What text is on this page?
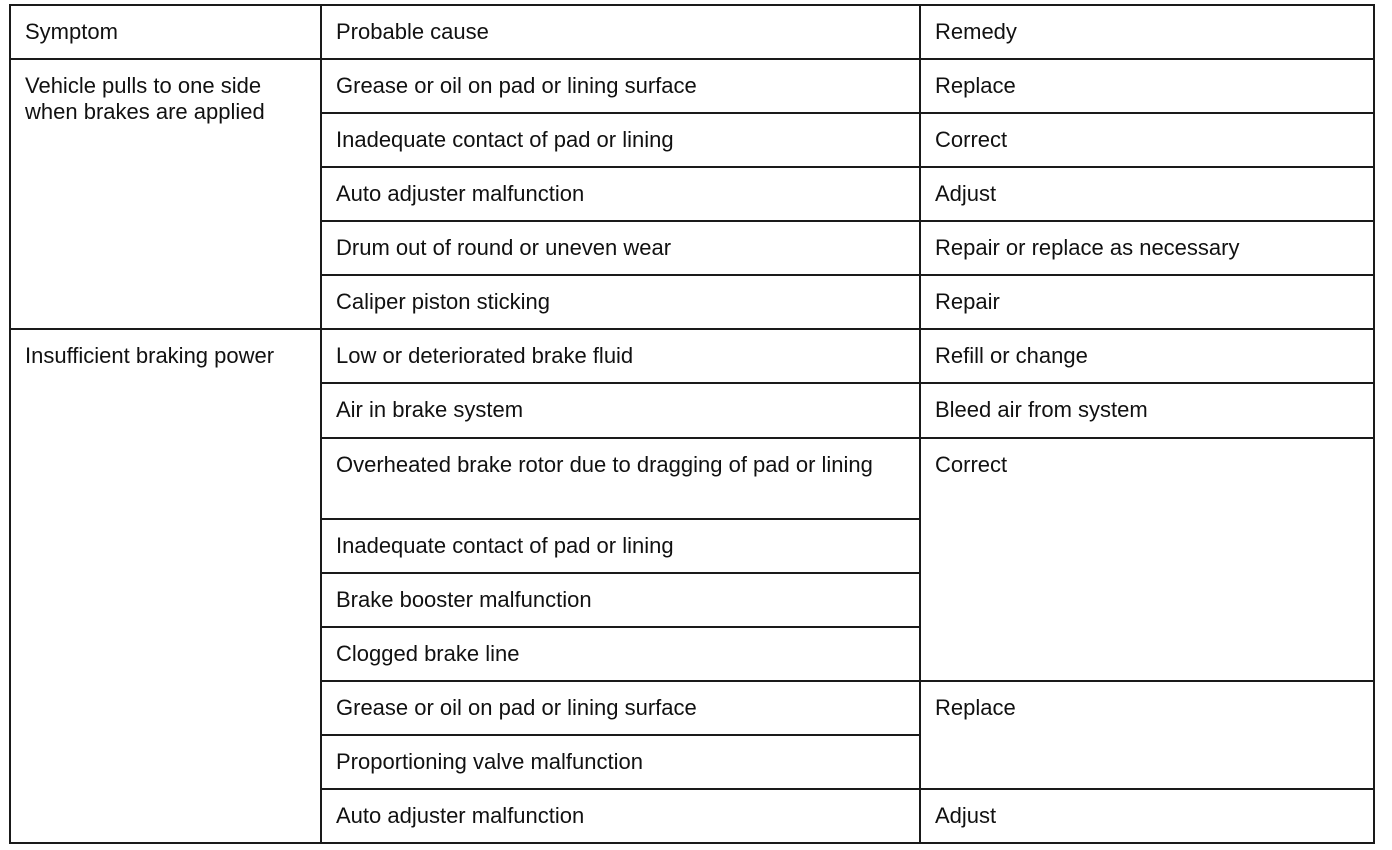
Symptom	Probable cause	Remedy
Vehicle pulls to one side when brakes are applied	Grease or oil on pad or lining surface	Replace
	Inadequate contact of pad or lining	Correct
	Auto adjuster malfunction	Adjust
	Drum out of round or uneven wear	Repair or replace as necessary
	Caliper piston sticking	Repair
Insufficient braking power	Low or deteriorated brake fluid	Refill or change
	Air in brake system	Bleed air from system
	Overheated brake rotor due to dragging of pad or lining	Correct
	Inadequate contact of pad or lining	
	Brake booster malfunction	
	Clogged brake line	
	Grease or oil on pad or lining surface	Replace
	Proportioning valve malfunction	
	Auto adjuster malfunction	Adjust
